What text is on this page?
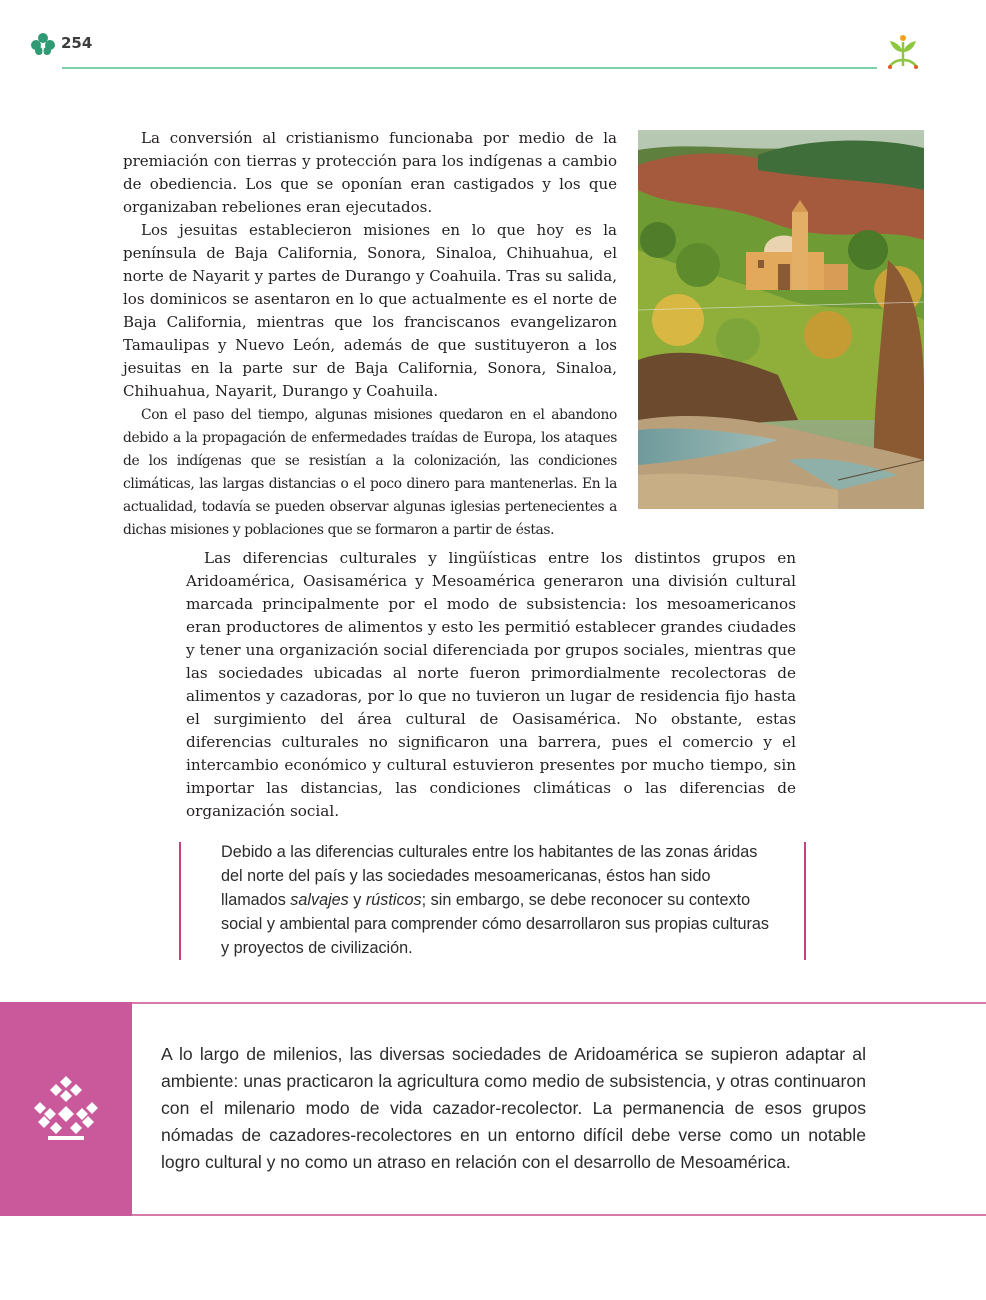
254

La conversión al cristianismo funcionaba por medio de la premiación con tierras y protección para los indígenas a cambio de obediencia. Los que se oponían eran castigados y los que organizaban rebeliones eran ejecutados.

Los jesuitas establecieron misiones en lo que hoy es la península de Baja California, Sonora, Sinaloa, Chihuahua, el norte de Nayarit y partes de Durango y Coahuila. Tras su salida, los dominicos se asentaron en lo que actualmente es el norte de Baja California, mientras que los franciscanos evangelizaron Tamaulipas y Nuevo León, además de que sustituyeron a los jesuitas en la parte sur de Baja California, Sonora, Sinaloa, Chihuahua, Nayarit, Durango y Coahuila.

Con el paso del tiempo, algunas misiones quedaron en el abandono debido a la propagación de enfermedades traídas de Europa, los ataques de los indígenas que se resistían a la colonización, las condiciones climáticas, las largas distancias o el poco dinero para mantenerlas. En la actualidad, todavía se pueden observar algunas iglesias pertenecientes a dichas misiones y poblaciones que se formaron a partir de éstas.

Las diferencias culturales y lingüísticas entre los distintos grupos en Aridoamérica, Oasisamérica y Mesoamérica generaron una división cultural marcada principalmente por el modo de subsistencia: los mesoamericanos eran productores de alimentos y esto les permitió establecer grandes ciudades y tener una organización social diferenciada por grupos sociales, mientras que las sociedades ubicadas al norte fueron primordialmente recolectoras de alimentos y cazadoras, por lo que no tuvieron un lugar de residencia fijo hasta el surgimiento del área cultural de Oasisamérica. No obstante, estas diferencias culturales no significaron una barrera, pues el comercio y el intercambio económico y cultural estuvieron presentes por mucho tiempo, sin importar las distancias, las condiciones climáticas o las diferencias de organización social.

Debido a las diferencias culturales entre los habitantes de las zonas áridas del norte del país y las sociedades mesoamericanas, éstos han sido llamados salvajes y rústicos; sin embargo, se debe reconocer su contexto social y ambiental para comprender cómo desarrollaron sus propias culturas y proyectos de civilización.

A lo largo de milenios, las diversas sociedades de Aridoamérica se supieron adaptar al ambiente: unas practicaron la agricultura como medio de subsistencia, y otras continuaron con el milenario modo de vida cazador-recolector. La permanencia de esos grupos nómadas de cazadores-recolectores en un entorno difícil debe verse como un notable logro cultural y no como un atraso en relación con el desarrollo de Mesoamérica.
